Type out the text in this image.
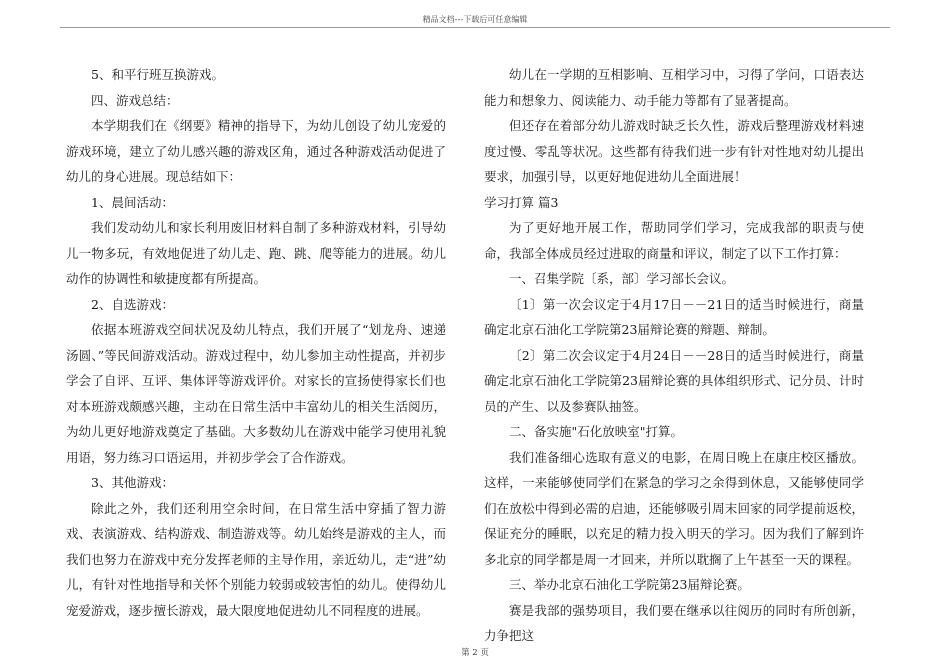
精品文档---下载后可任意编辑

5、和平行班互换游戏。

四、游戏总结：

本学期我们在《纲要》精神的指导下，为幼儿创设了幼儿宠爱的游戏环境，建立了幼儿感兴趣的游戏区角，通过各种游戏活动促进了幼儿的身心进展。现总结如下：

1、晨间活动：

我们发动幼儿和家长利用废旧材料自制了多种游戏材料，引导幼儿一物多玩，有效地促进了幼儿走、跑、跳、爬等能力的进展。幼儿动作的协调性和敏捷度都有所提高。

2、自选游戏：

依据本班游戏空间状况及幼儿特点，我们开展了“划龙舟、速递汤圆、”等民间游戏活动。游戏过程中，幼儿参加主动性提高，并初步学会了自评、互评、集体评等游戏评价。对家长的宣扬使得家长们也对本班游戏颇感兴趣，主动在日常生活中丰富幼儿的相关生活阅历，为幼儿更好地游戏奠定了基础。大多数幼儿在游戏中能学习使用礼貌用语，努力练习口语运用，并初步学会了合作游戏。

3、其他游戏：

除此之外，我们还利用空余时间，在日常生活中穿插了智力游戏、表演游戏、结构游戏、制造游戏等。幼儿始终是游戏的主人，而我们也努力在游戏中充分发挥老师的主导作用，亲近幼儿，走“进”幼儿，有针对性地指导和关怀个别能力较弱或较害怕的幼儿。使得幼儿宠爱游戏，逐步擅长游戏，最大限度地促进幼儿不同程度的进展。

幼儿在一学期的互相影响、互相学习中，习得了学问，口语表达能力和想象力、阅读能力、动手能力等都有了显著提高。

但还存在着部分幼儿游戏时缺乏长久性，游戏后整理游戏材料速度过慢、零乱等状况。这些都有待我们进一步有针对性地对幼儿提出要求，加强引导，以更好地促进幼儿全面进展！

学习打算 篇3

为了更好地开展工作，帮助同学们学习，完成我部的职责与使命，我部全体成员经过进取的商量和评议，制定了以下工作打算：

一、召集学院〔系，部〕学习部长会议。

〔1〕第一次会议定于4月17日－－21日的适当时候进行，商量确定北京石油化工学院第23届辩论赛的辩题、辩制。

〔2〕第二次会议定于4月24日－－28日的适当时候进行，商量确定北京石油化工学院第23届辩论赛的具体组织形式、记分员、计时员的产生、以及参赛队抽签。

二、备实施"石化放映室"打算。

我们准备细心选取有意义的电影，在周日晚上在康庄校区播放。这样，一来能够使同学们在紧急的学习之余得到休息，又能够使同学们在放松中得到必需的启迪，还能够吸引周末回家的同学提前返校，保证充分的睡眠，以充足的精力投入明天的学习。因为我们了解到许多北京的同学都是周一才回来，并所以耽搁了上午甚至一天的课程。

三、举办北京石油化工学院第23届辩论赛。

赛是我部的强势项目，我们要在继承以往阅历的同时有所创新，力争把这

第 2 页
